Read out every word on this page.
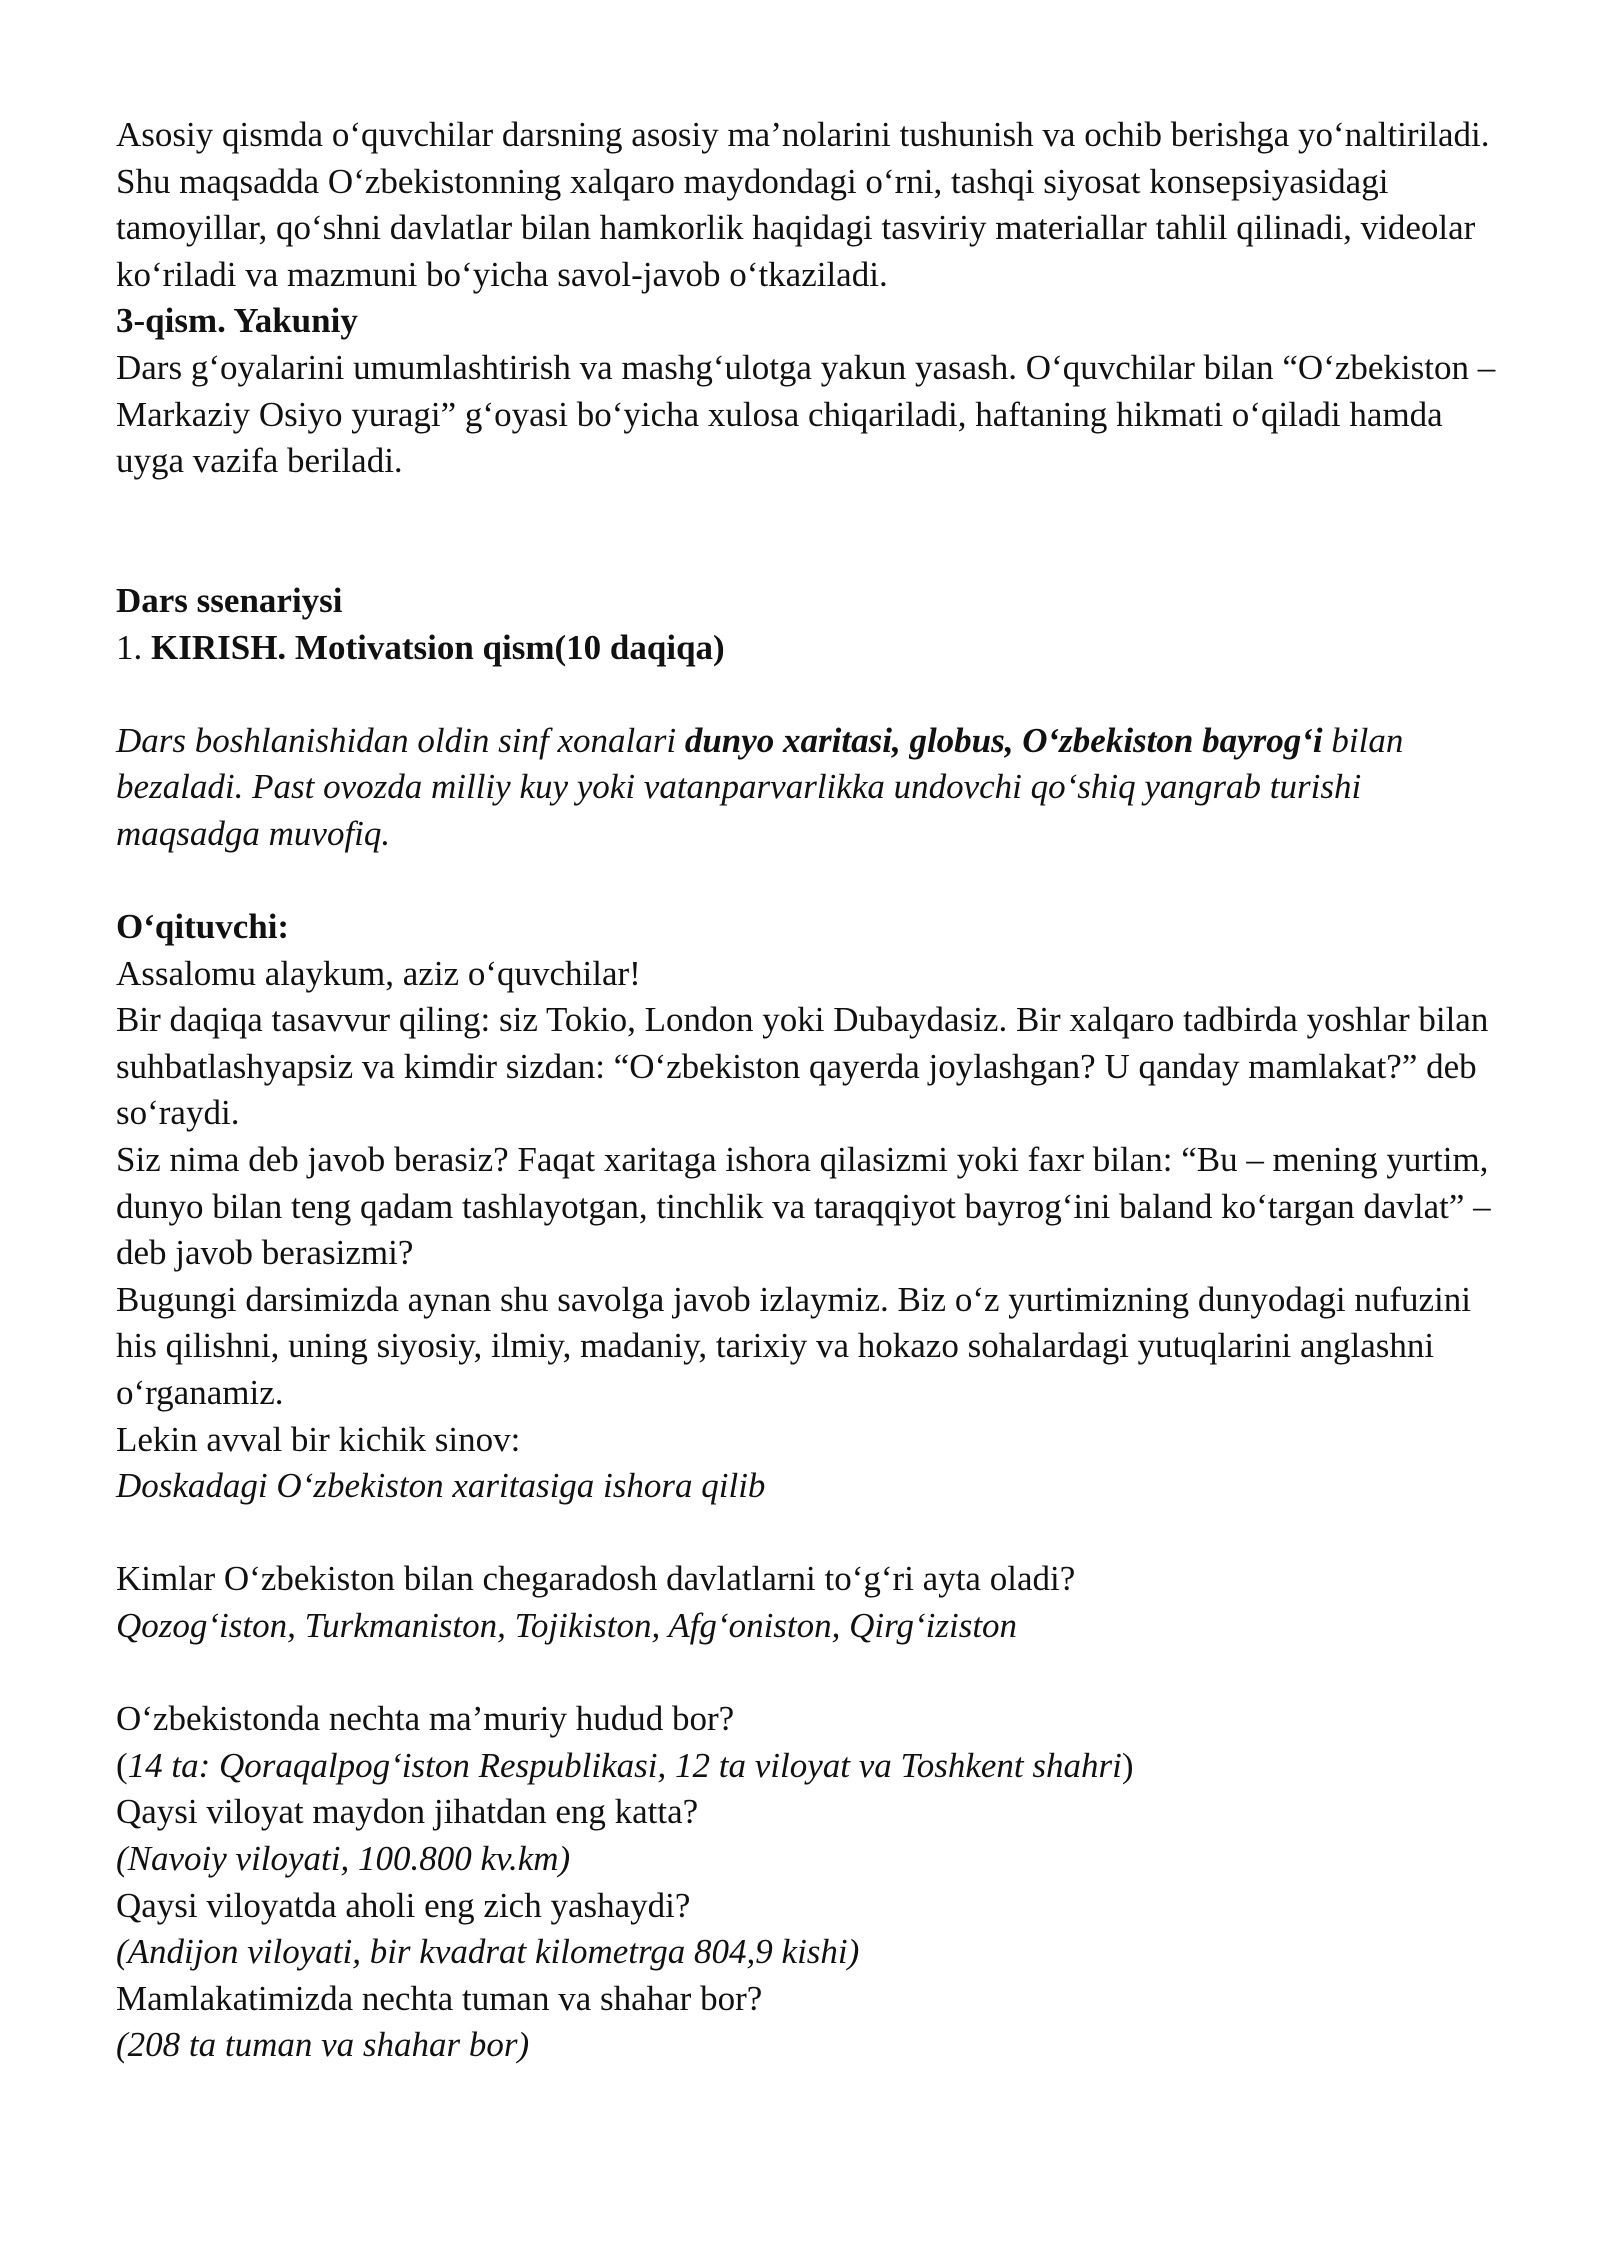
Asosiy qismda o‘quvchilar darsning asosiy ma’nolarini tushunish va ochib berishga yo‘naltiriladi. Shu maqsadda O‘zbekistonning xalqaro maydondagi o‘rni, tashqi siyosat konsepsiyasidagi tamoyillar, qo‘shni davlatlar bilan hamkorlik haqidagi tasviriy materiallar tahlil qilinadi, videolar ko‘riladi va mazmuni bo‘yicha savol-javob o‘tkaziladi.

3-qism. Yakuniy

Dars g‘oyalarini umumlashtirish va mashg‘ulotga yakun yasash. O‘quvchilar bilan “O‘zbekiston – Markaziy Osiyo yuragi” g‘oyasi bo‘yicha xulosa chiqariladi, haftaning hikmati o‘qiladi hamda uyga vazifa beriladi.

Dars ssenariysi

1. KIRISH. Motivatsion qism(10 daqiqa)

Dars boshlanishidan oldin sinf xonalari dunyo xaritasi, globus, O‘zbekiston bayrog‘i bilan bezaladi. Past ovozda milliy kuy yoki vatanparvarlikka undovchi qo‘shiq yangrab turishi maqsadga muvofiq.

O‘qituvchi:

Assalomu alaykum, aziz o‘quvchilar!

Bir daqiqa tasavvur qiling: siz Tokio, London yoki Dubaydasiz. Bir xalqaro tadbirda yoshlar bilan suhbatlashyapsiz va kimdir sizdan: “O‘zbekiston qayerda joylashgan? U qanday mamlakat?” deb so‘raydi.

Siz nima deb javob berasiz? Faqat xaritaga ishora qilasizmi yoki faxr bilan: “Bu – mening yurtim, dunyo bilan teng qadam tashlayotgan, tinchlik va taraqqiyot bayrog‘ini baland ko‘targan davlat” – deb javob berasizmi?

Bugungi darsimizda aynan shu savolga javob izlaymiz. Biz o‘z yurtimizning dunyodagi nufuzini his qilishni, uning siyosiy, ilmiy, madaniy, tarixiy va hokazo sohalardagi yutuqlarini anglashni o‘rganamiz.

Lekin avval bir kichik sinov:

Doskadagi O‘zbekiston xaritasiga ishora qilib

Kimlar O‘zbekiston bilan chegaradosh davlatlarni to‘g‘ri ayta oladi?

Qozog‘iston, Turkmaniston, Tojikiston, Afg‘oniston, Qirg‘iziston

O‘zbekistonda nechta ma’muriy hudud bor?

(14 ta: Qoraqalpog‘iston Respublikasi, 12 ta viloyat va Toshkent shahri)

Qaysi viloyat maydon jihatdan eng katta?

(Navoiy viloyati, 100.800 kv.km)

Qaysi viloyatda aholi eng zich yashaydi?

(Andijon viloyati, bir kvadrat kilometrga 804,9 kishi)

Mamlakatimizda nechta tuman va shahar bor?

(208 ta tuman va shahar bor)
